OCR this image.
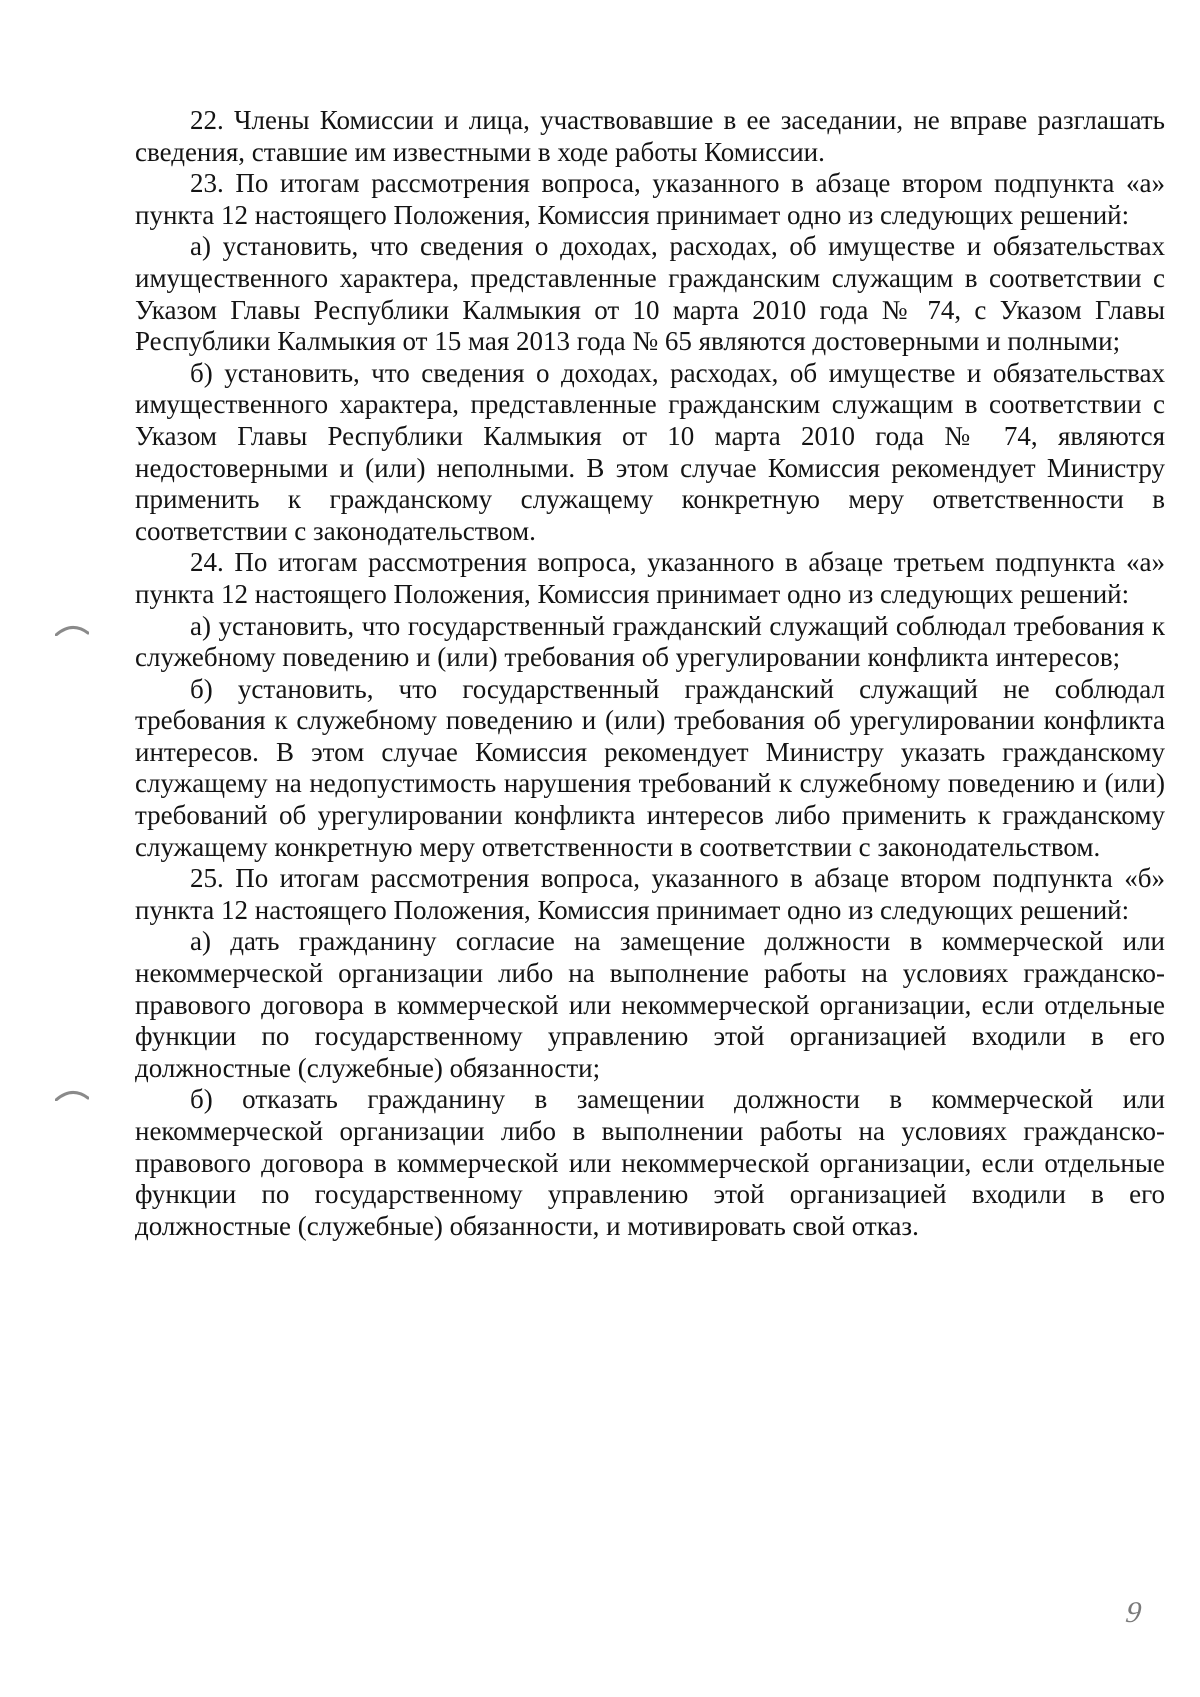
22. Члены Комиссии и лица, участвовавшие в ее заседании, не вправе разглашать сведения, ставшие им известными в ходе работы Комиссии.

23. По итогам рассмотрения вопроса, указанного в абзаце втором подпункта «а» пункта 12 настоящего Положения, Комиссия принимает одно из следующих решений:

а) установить, что сведения о доходах, расходах, об имуществе и обязательствах имущественного характера, представленные гражданским служащим в соответствии с Указом Главы Республики Калмыкия от 10 марта 2010 года № 74, с Указом Главы Республики Калмыкия от 15 мая 2013 года № 65 являются достоверными и полными;

б) установить, что сведения о доходах, расходах, об имуществе и обязательствах имущественного характера, представленные гражданским служащим в соответствии с Указом Главы Республики Калмыкия от 10 марта 2010 года № 74, являются недостоверными и (или) неполными. В этом случае Комиссия рекомендует Министру применить к гражданскому служащему конкретную меру ответственности в соответствии с законодательством.

24. По итогам рассмотрения вопроса, указанного в абзаце третьем подпункта «а» пункта 12 настоящего Положения, Комиссия принимает одно из следующих решений:

а) установить, что государственный гражданский служащий соблюдал требования к служебному поведению и (или) требования об урегулировании конфликта интересов;

б) установить, что государственный гражданский служащий не соблюдал требования к служебному поведению и (или) требования об урегулировании конфликта интересов. В этом случае Комиссия рекомендует Министру указать гражданскому служащему на недопустимость нарушения требований к служебному поведению и (или) требований об урегулировании конфликта интересов либо применить к гражданскому служащему конкретную меру ответственности в соответствии с законодательством.

25. По итогам рассмотрения вопроса, указанного в абзаце втором подпункта «б» пункта 12 настоящего Положения, Комиссия принимает одно из следующих решений:

а) дать гражданину согласие на замещение должности в коммерческой или некоммерческой организации либо на выполнение работы на условиях гражданско-правового договора в коммерческой или некоммерческой организации, если отдельные функции по государственному управлению этой организацией входили в его должностные (служебные) обязанности;

б) отказать гражданину в замещении должности в коммерческой или некоммерческой организации либо в выполнении работы на условиях гражданско-правового договора в коммерческой или некоммерческой организации, если отдельные функции по государственному управлению этой организацией входили в его должностные (служебные) обязанности, и мотивировать свой отказ.

9
